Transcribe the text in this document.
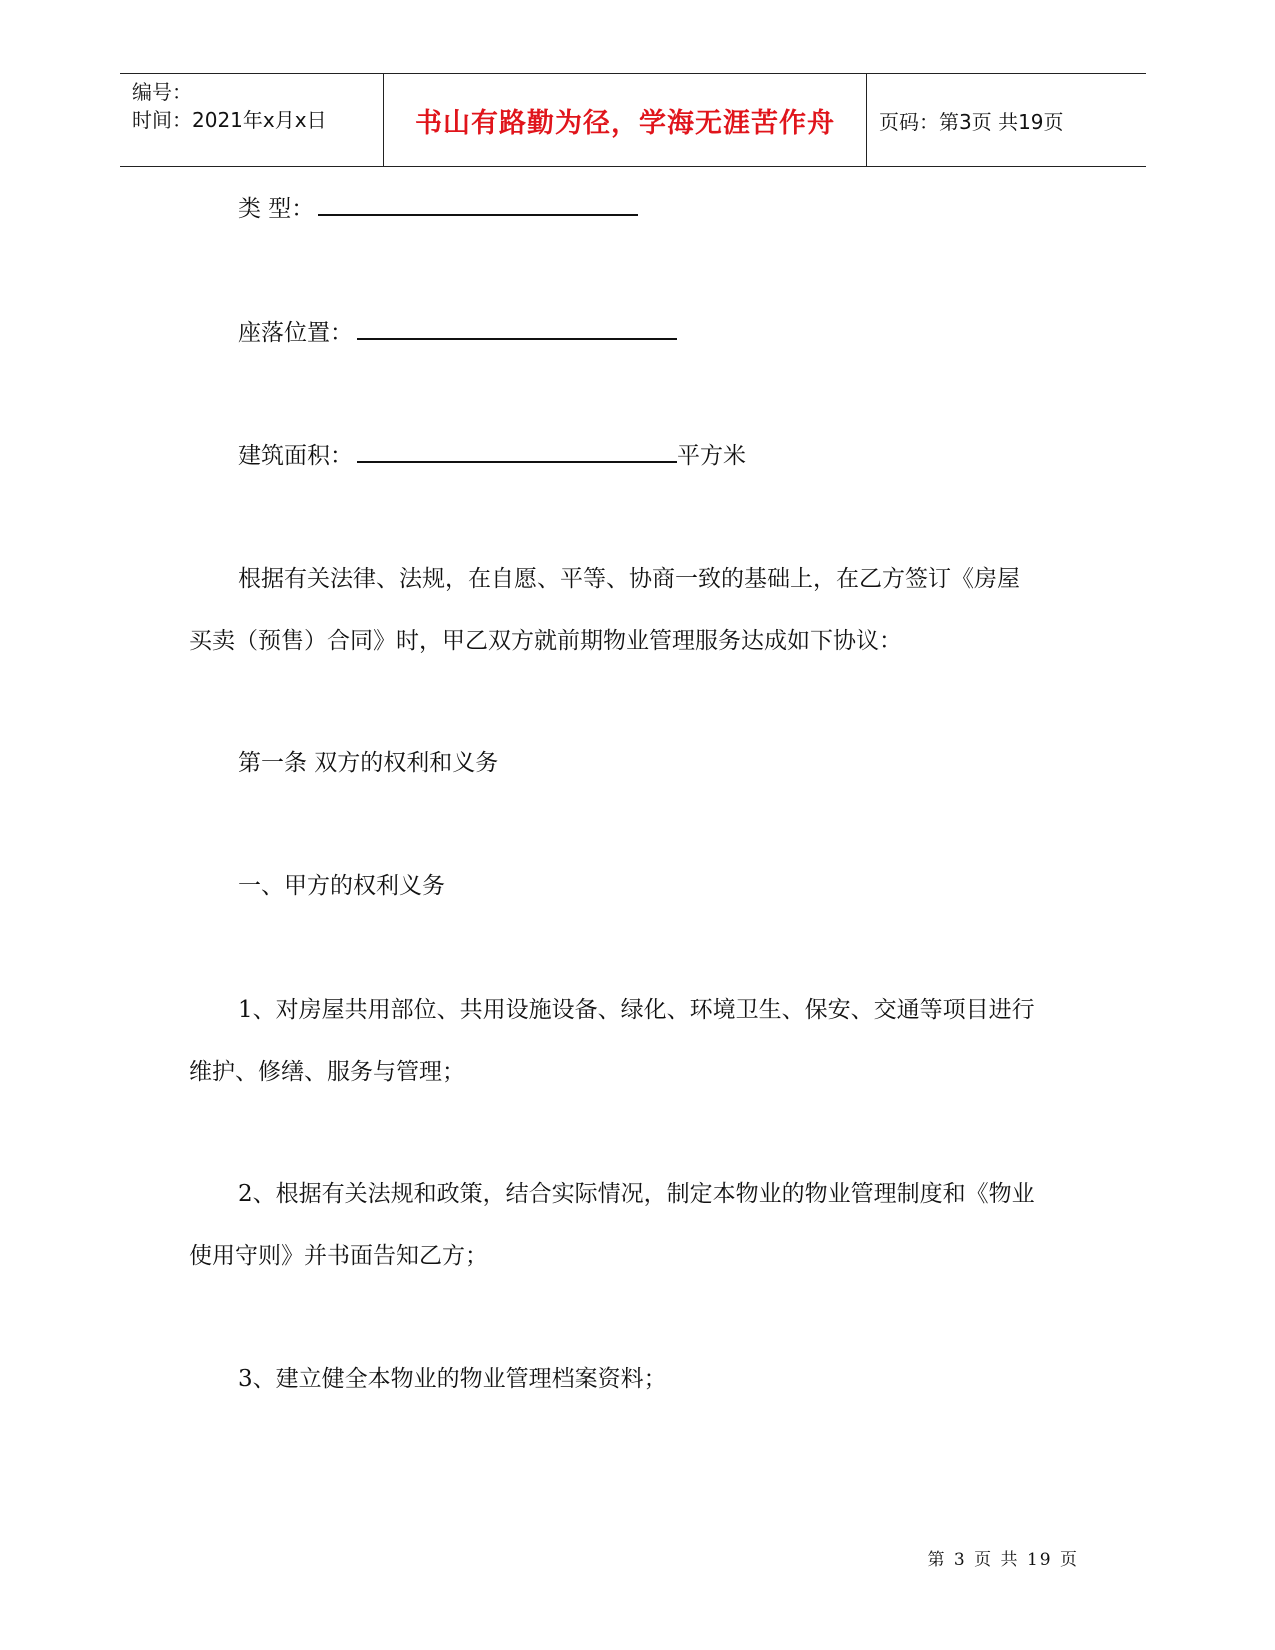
编号：
时间：2021年x月x日	书山有路勤为径，学海无涯苦作舟	页码：第3页 共19页
类 型：
座落位置：
建筑面积：	平方米
根据有关法律、法规，在自愿、平等、协商一致的基础上，在乙方签订《房屋
买卖（预售）合同》时，甲乙双方就前期物业管理服务达成如下协议：
第一条 双方的权利和义务
一、甲方的权利义务
1、对房屋共用部位、共用设施设备、绿化、环境卫生、保安、交通等项目进行
维护、修缮、服务与管理；
2、根据有关法规和政策，结合实际情况，制定本物业的物业管理制度和《物业
使用守则》并书面告知乙方；
3、建立健全本物业的物业管理档案资料；
第 3 页 共 19 页
